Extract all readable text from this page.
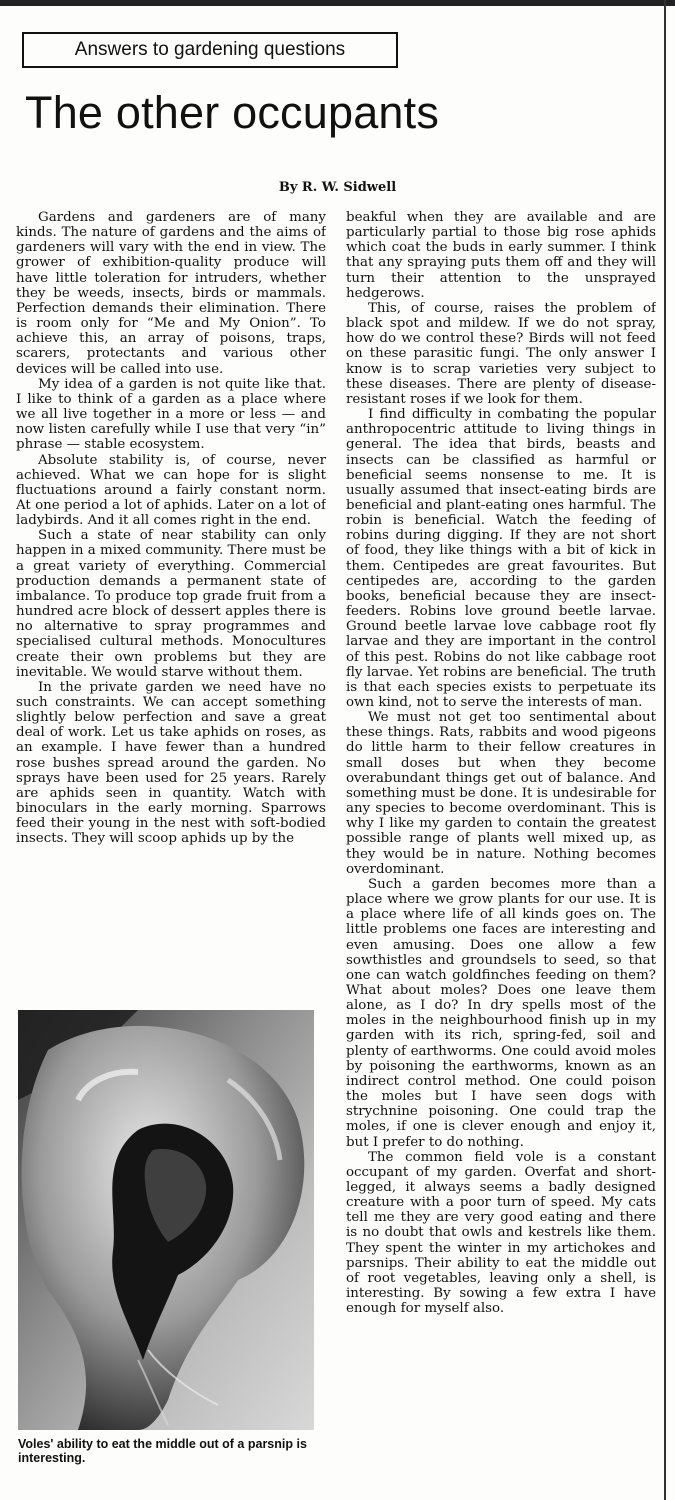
Answers to gardening questions
The other occupants
By R. W. Sidwell

Gardens and gardeners are of many kinds. The nature of gardens and the aims of gardeners will vary with the end in view. The grower of exhibition-quality produce will have little toleration for intruders, whether they be weeds, insects, birds or mammals. Perfection demands their elimination. There is room only for “Me and My Onion”. To achieve this, an array of poisons, traps, scarers, protectants and various other devices will be called into use.

My idea of a garden is not quite like that. I like to think of a garden as a place where we all live together in a more or less — and now listen carefully while I use that very “in” phrase — stable ecosystem.

Absolute stability is, of course, never achieved. What we can hope for is slight fluctuations around a fairly constant norm. At one period a lot of aphids. Later on a lot of ladybirds. And it all comes right in the end.

Such a state of near stability can only happen in a mixed community. There must be a great variety of everything. Commercial production demands a permanent state of imbalance. To produce top grade fruit from a hundred acre block of dessert apples there is no alternative to spray programmes and specialised cultural methods. Monocultures create their own problems but they are inevitable. We would starve without them.

In the private garden we need have no such constraints. We can accept something slightly below perfection and save a great deal of work. Let us take aphids on roses, as an example. I have fewer than a hundred rose bushes spread around the garden. No sprays have been used for 25 years. Rarely are aphids seen in quantity. Watch with binoculars in the early morning. Sparrows feed their young in the nest with soft-bodied insects. They will scoop aphids up by the

beakful when they are available and are particularly partial to those big rose aphids which coat the buds in early summer. I think that any spraying puts them off and they will turn their attention to the unsprayed hedgerows.

This, of course, raises the problem of black spot and mildew. If we do not spray, how do we control these? Birds will not feed on these parasitic fungi. The only answer I know is to scrap varieties very subject to these diseases. There are plenty of disease-resistant roses if we look for them.

I find difficulty in combating the popular anthropocentric attitude to living things in general. The idea that birds, beasts and insects can be classified as harmful or beneficial seems nonsense to me. It is usually assumed that insect-eating birds are beneficial and plant-eating ones harmful. The robin is beneficial. Watch the feeding of robins during digging. If they are not short of food, they like things with a bit of kick in them. Centipedes are great favourites. But centipedes are, according to the garden books, beneficial because they are insect-feeders. Robins love ground beetle larvae. Ground beetle larvae love cabbage root fly larvae and they are important in the control of this pest. Robins do not like cabbage root fly larvae. Yet robins are beneficial. The truth is that each species exists to perpetuate its own kind, not to serve the interests of man.

We must not get too sentimental about these things. Rats, rabbits and wood pigeons do little harm to their fellow creatures in small doses but when they become overabundant things get out of balance. And something must be done. It is undesirable for any species to become overdominant. This is why I like my garden to contain the greatest possible range of plants well mixed up, as they would be in nature. Nothing becomes overdominant.

Such a garden becomes more than a place where we grow plants for our use. It is a place where life of all kinds goes on. The little problems one faces are interesting and even amusing. Does one allow a few sowthistles and groundsels to seed, so that one can watch goldfinches feeding on them? What about moles? Does one leave them alone, as I do? In dry spells most of the moles in the neighbourhood finish up in my garden with its rich, spring-fed, soil and plenty of earthworms. One could avoid moles by poisoning the earthworms, known as an indirect control method. One could poison the moles but I have seen dogs with strychnine poisoning. One could trap the moles, if one is clever enough and enjoy it, but I prefer to do nothing.

The common field vole is a constant occupant of my garden. Overfat and short-legged, it always seems a badly designed creature with a poor turn of speed. My cats tell me they are very good eating and there is no doubt that owls and kestrels like them. They spent the winter in my artichokes and parsnips. Their ability to eat the middle out of root vegetables, leaving only a shell, is interesting. By sowing a few extra I have enough for myself also.

Voles' ability to eat the middle out of a parsnip is interesting.
